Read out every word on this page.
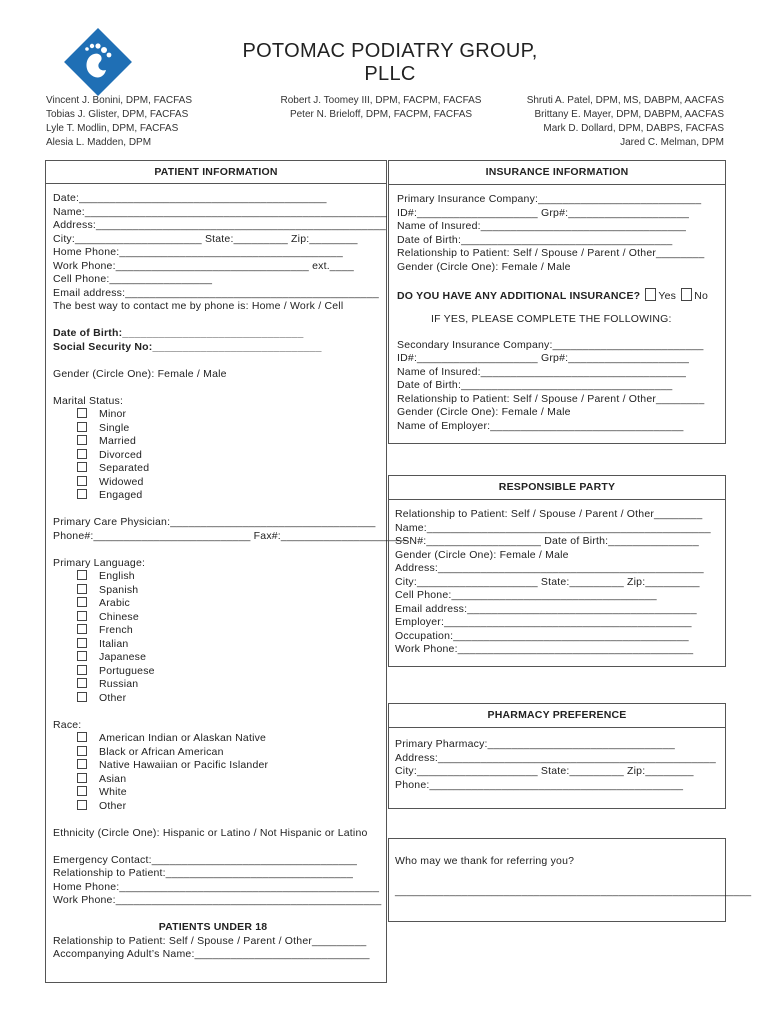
POTOMAC PODIATRY GROUP, PLLC
Vincent J. Bonini, DPM, FACFAS
Tobias J. Glister, DPM, FACFAS
Lyle T. Modlin, DPM, FACFAS
Alesia L. Madden, DPM
Robert J. Toomey III, DPM, FACPM, FACFAS
Peter N. Brieloff, DPM, FACPM, FACFAS
Shruti A. Patel, DPM, MS, DABPM, AACFAS
Brittany E. Mayer, DPM, DABPM, AACFAS
Mark D. Dollard, DPM, DABPS, FACFAS
Jared C. Melman, DPM
PATIENT INFORMATION
Date:_________________________________________
Name:__________________________________________________
Address:________________________________________________
City:_____________________ State:_________ Zip:________
Home Phone:_____________________________________
Work Phone:________________________________ ext.____
Cell Phone:_________________
Email address:__________________________________________
The best way to contact me by phone is: Home / Work / Cell
Date of Birth:______________________________
Social Security No:____________________________
Gender (Circle One): Female / Male
Marital Status:
Minor
Single
Married
Divorced
Separated
Widowed
Engaged
Primary Care Physician:__________________________________
Phone#:__________________________ Fax#:_____________________
Primary Language:
English
Spanish
Arabic
Chinese
French
Italian
Japanese
Portuguese
Russian
Other
Race:
American Indian or Alaskan Native
Black or African American
Native Hawaiian or Pacific Islander
Asian
White
Other
Ethnicity (Circle One): Hispanic or Latino / Not Hispanic or Latino
Emergency Contact:__________________________________
Relationship to Patient:_______________________________
Home Phone:___________________________________________
Work Phone:____________________________________________
PATIENTS UNDER 18
Relationship to Patient: Self / Spouse / Parent / Other_________
Accompanying Adult’s Name:_____________________________
INSURANCE INFORMATION
Primary Insurance Company:___________________________
ID#:____________________ Grp#:____________________
Name of Insured:__________________________________
Date of Birth:___________________________________
Relationship to Patient: Self / Spouse / Parent / Other________
Gender (Circle One): Female / Male
DO YOU HAVE ANY ADDITIONAL INSURANCE? Yes No
IF YES, PLEASE COMPLETE THE FOLLOWING:
Secondary Insurance Company:_________________________
ID#:____________________ Grp#:____________________
Name of Insured:__________________________________
Date of Birth:___________________________________
Relationship to Patient: Self / Spouse / Parent / Other________
Gender (Circle One): Female / Male
Name of Employer:________________________________
RESPONSIBLE PARTY
Relationship to Patient: Self / Spouse / Parent / Other________
Name:_______________________________________________
SSN#:___________________ Date of Birth:_______________
Gender (Circle One): Female / Male
Address:____________________________________________
City:____________________ State:_________ Zip:_________
Cell Phone:__________________________________
Email address:______________________________________
Employer:_________________________________________
Occupation:_______________________________________
Work Phone:_______________________________________
PHARMACY PREFERENCE
Primary Pharmacy:_______________________________
Address:______________________________________________
City:____________________ State:_________ Zip:________
Phone:__________________________________________
Who may we thank for referring you?
___________________________________________________________
